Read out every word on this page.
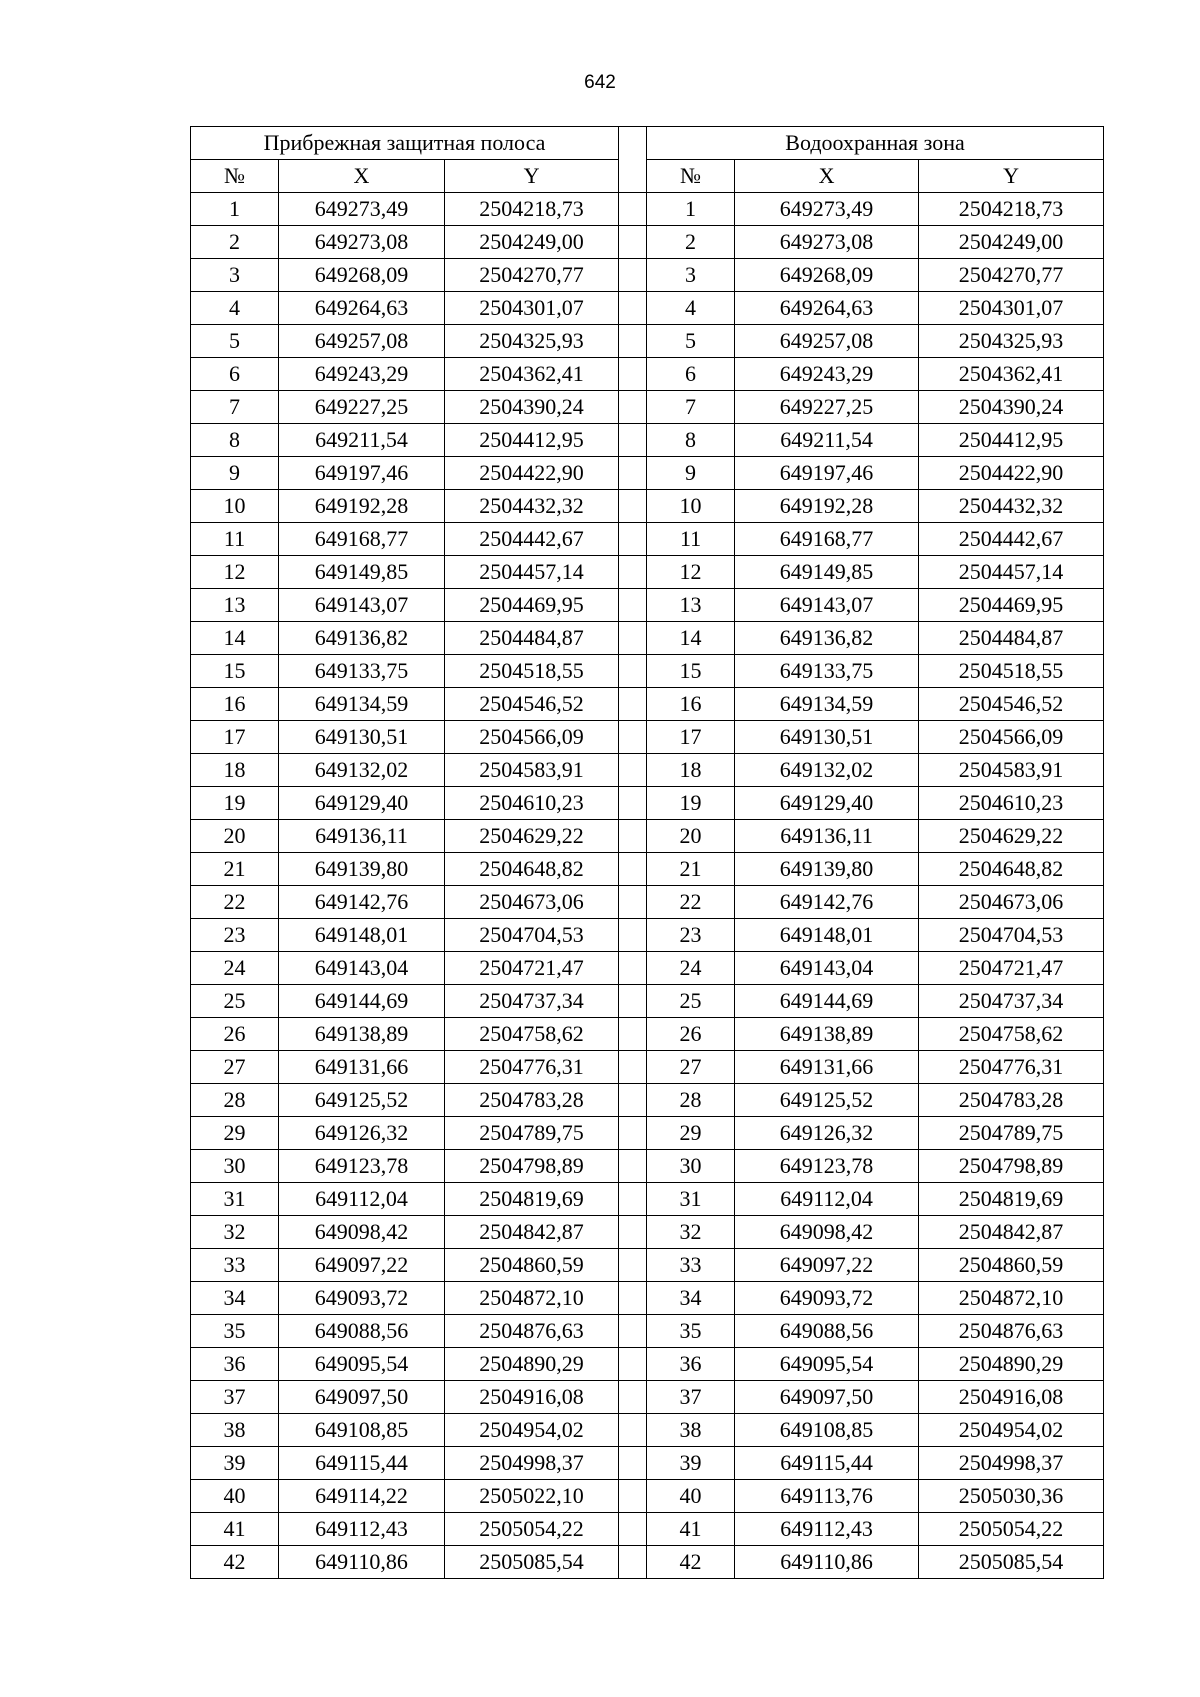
642
Прибрежная защитная полоса				Водоохранная зона		
№	X	Y		№	X	Y
1	649273,49	2504218,73		1	649273,49	2504218,73
2	649273,08	2504249,00		2	649273,08	2504249,00
3	649268,09	2504270,77		3	649268,09	2504270,77
4	649264,63	2504301,07		4	649264,63	2504301,07
5	649257,08	2504325,93		5	649257,08	2504325,93
6	649243,29	2504362,41		6	649243,29	2504362,41
7	649227,25	2504390,24		7	649227,25	2504390,24
8	649211,54	2504412,95		8	649211,54	2504412,95
9	649197,46	2504422,90		9	649197,46	2504422,90
10	649192,28	2504432,32		10	649192,28	2504432,32
11	649168,77	2504442,67		11	649168,77	2504442,67
12	649149,85	2504457,14		12	649149,85	2504457,14
13	649143,07	2504469,95		13	649143,07	2504469,95
14	649136,82	2504484,87		14	649136,82	2504484,87
15	649133,75	2504518,55		15	649133,75	2504518,55
16	649134,59	2504546,52		16	649134,59	2504546,52
17	649130,51	2504566,09		17	649130,51	2504566,09
18	649132,02	2504583,91		18	649132,02	2504583,91
19	649129,40	2504610,23		19	649129,40	2504610,23
20	649136,11	2504629,22		20	649136,11	2504629,22
21	649139,80	2504648,82		21	649139,80	2504648,82
22	649142,76	2504673,06		22	649142,76	2504673,06
23	649148,01	2504704,53		23	649148,01	2504704,53
24	649143,04	2504721,47		24	649143,04	2504721,47
25	649144,69	2504737,34		25	649144,69	2504737,34
26	649138,89	2504758,62		26	649138,89	2504758,62
27	649131,66	2504776,31		27	649131,66	2504776,31
28	649125,52	2504783,28		28	649125,52	2504783,28
29	649126,32	2504789,75		29	649126,32	2504789,75
30	649123,78	2504798,89		30	649123,78	2504798,89
31	649112,04	2504819,69		31	649112,04	2504819,69
32	649098,42	2504842,87		32	649098,42	2504842,87
33	649097,22	2504860,59		33	649097,22	2504860,59
34	649093,72	2504872,10		34	649093,72	2504872,10
35	649088,56	2504876,63		35	649088,56	2504876,63
36	649095,54	2504890,29		36	649095,54	2504890,29
37	649097,50	2504916,08		37	649097,50	2504916,08
38	649108,85	2504954,02		38	649108,85	2504954,02
39	649115,44	2504998,37		39	649115,44	2504998,37
40	649114,22	2505022,10		40	649113,76	2505030,36
41	649112,43	2505054,22		41	649112,43	2505054,22
42	649110,86	2505085,54		42	649110,86	2505085,54
